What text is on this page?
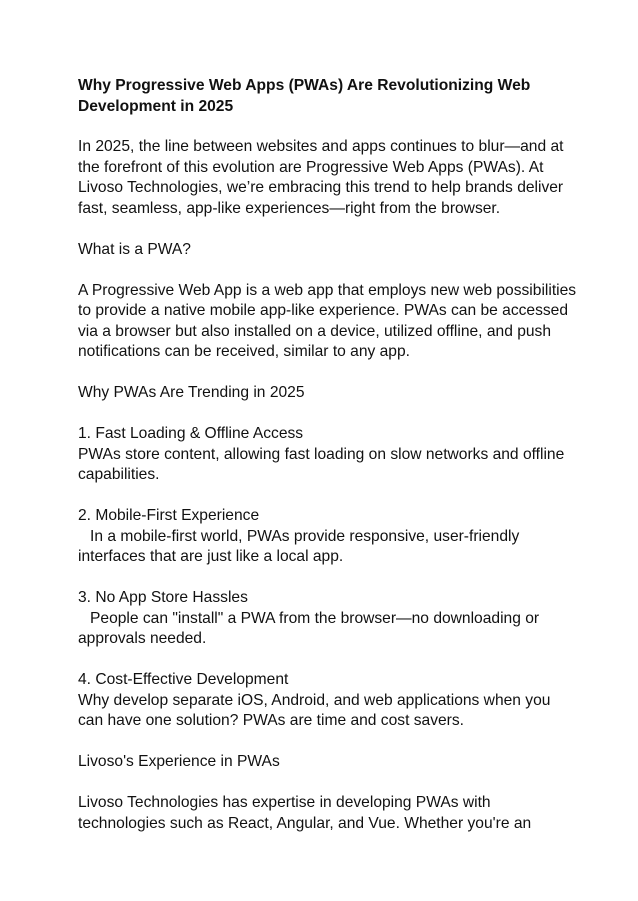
Why Progressive Web Apps (PWAs) Are Revolutionizing Web Development in 2025

In 2025, the line between websites and apps continues to blur—and at the forefront of this evolution are Progressive Web Apps (PWAs). At Livoso Technologies, we’re embracing this trend to help brands deliver fast, seamless, app-like experiences—right from the browser.

What is a PWA?

A Progressive Web App is a web app that employs new web possibilities to provide a native mobile app-like experience. PWAs can be accessed via a browser but also installed on a device, utilized offline, and push notifications can be received, similar to any app.

Why PWAs Are Trending in 2025

1. Fast Loading & Offline Access
PWAs store content, allowing fast loading on slow networks and offline capabilities.

2. Mobile-First Experience
In a mobile-first world, PWAs provide responsive, user-friendly
interfaces that are just like a local app.

3. No App Store Hassles
People can "install" a PWA from the browser—no downloading or
approvals needed.

4. Cost-Effective Development
Why develop separate iOS, Android, and web applications when you can have one solution? PWAs are time and cost savers.

Livoso's Experience in PWAs

Livoso Technologies has expertise in developing PWAs with technologies such as React, Angular, and Vue. Whether you're an
